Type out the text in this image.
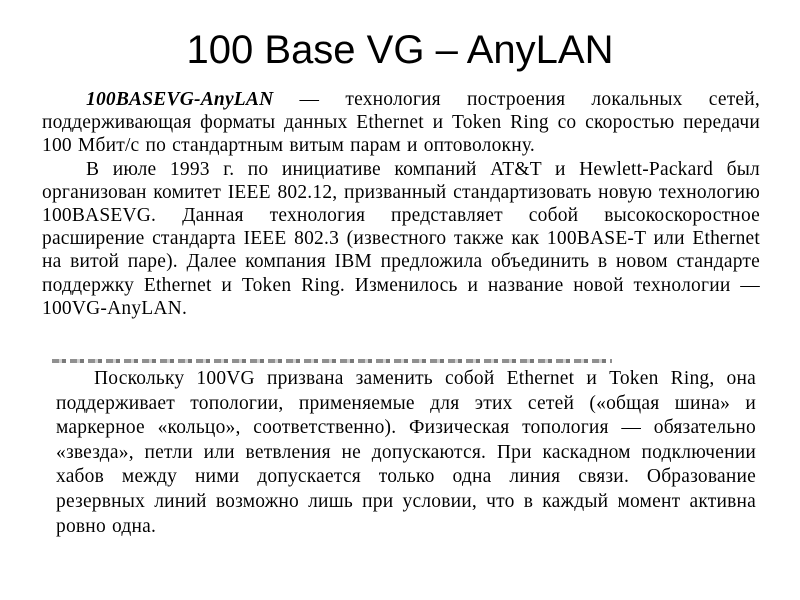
100 Base VG – AnyLAN

100BASEVG-AnyLAN — технология построения локальных сетей, поддерживающая форматы данных Ethernet и Token Ring со скоростью передачи 100 Мбит/с по стандартным витым парам и оптоволокну.

В июле 1993 г. по инициативе компаний AT&T и Hewlett-Packard был организован комитет IEEE 802.12, призванный стандартизовать новую технологию 100BASEVG. Данная технология представляет собой высокоскоростное расширение стандарта IEEE 802.3 (известного также как 100BASE-T или Ethernet на витой паре). Далее компания IBM предложила объединить в новом стандарте поддержку Ethernet и Token Ring. Изменилось и название новой технологии — 100VG-AnyLAN.

Поскольку 100VG призвана заменить собой Ethernet и Token Ring, она поддерживает топологии, применяемые для этих сетей («общая шина» и маркерное «кольцо», соответственно). Физическая топология — обязательно «звезда», петли или ветвления не допускаются. При каскадном подключении хабов между ними допускается только одна линия связи. Образование резервных линий возможно лишь при условии, что в каждый момент активна ровно одна.
